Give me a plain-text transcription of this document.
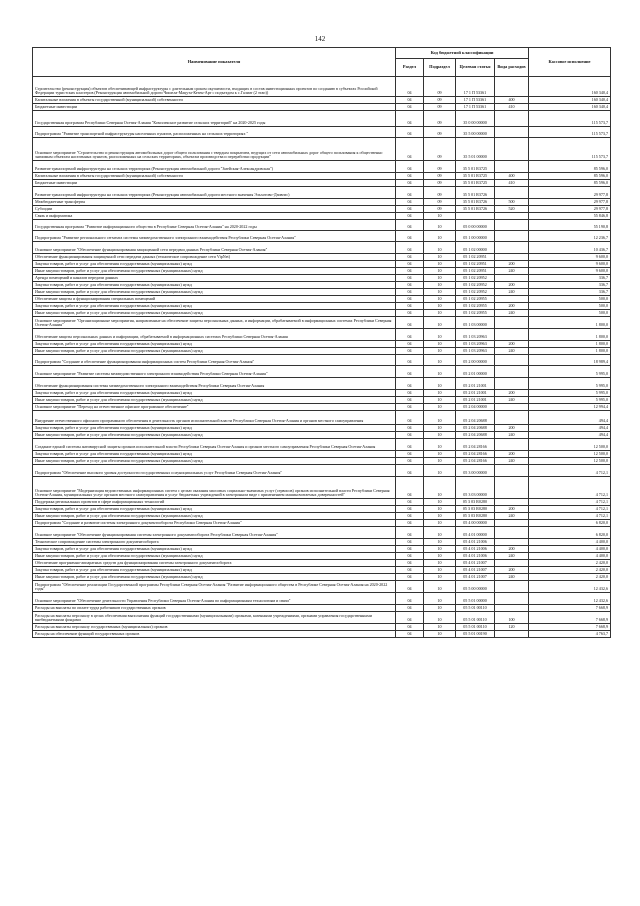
142
Наименование показателя	Код бюджетной классификации				Кассовое исполнение
	Раздел	Подраздел	Целевая статья	Вида расходов	
Строительство (реконструкция) объектов обеспечивающей инфраструктуры с длительным сроком окупаемости, входящих в состав инвестиционных проектов по созданию в субъектах Российской Федерации туристских кластеров (Реконструкция автомобильной дороги Чишела-Мацута-Кезен-Арт с подъездом к с.Галиат (2 этап))	04	09	17 1 П 53361		160 340,4
Капитальные вложения в объекты государственной (муниципальной) собственности	04	09	17 1 П 53361	400	160 340,4
Бюджетные инвестиции	04	09	17 1 П 53361	410	160 340,4
Государственная программа Республики Северная Осетия-Алания "Комплексное развитие сельских территорий" на 2020-2025 годы	04	09	35 0 00 00000		115 573,7
Подпрограмма "Развитие транспортной инфраструктуры населенных пунктов, расположенных на сельских территориях "	04	09	35 5 00 00000		115 573,7
Основное мероприятие "Строительство и реконструкция автомобильных дорог общего пользования с твердым покрытием, ведущих от сети автомобильных дорог общего пользования к общественно значимым объектам населенных пунктов, расположенных на сельских территориях, объектам производства и переработки продукции"	04	09	35 5 01 00000		115 573,7
Развитие транспортной инфраструктуры на сельских территориях (Реконструкция автомобильной дороги "Змейская-Александровская")	04	09	35 5 01 R3725		85 596,0
Капитальные вложения в объекты государственной (муниципальной) собственности	04	09	35 5 01 R3725	400	85 596,0
Бюджетные инвестиции	04	09	35 5 01 R3725	410	85 596,0
Развитие транспортной инфраструктуры на сельских территориях (Реконструкция автомобильной дороги местного значения Эльхотово-Дзивгис)	04	09	35 5 01 R3726		29 977,8
Межбюджетные трансферты	04	09	35 5 01 R3726	500	29 977,8
Субсидии	04	09	35 5 01 R3726	520	29 977,8
Связь и информатика	04	10			55 846,8
Государственная программа "Развитие информационного общества в Республике Северная Осетия-Алания" на 2020-2022 годы	04	10	05 0 00 00000		55 190,8
Подпрограмма "Развитие регионального сегмента системы межведомственного электронного взаимодействия Республики Северная Осетия-Алания"	04	10	05 1 00 00000		12 236,7
Основное мероприятие "Обеспечение функционирования защищенной сети передачи данных Республики Северная Осетия-Алания"	04	10	05 1 02 00000		10 436,7
Обеспечение функционирования защищенной сети передачи данных (техническое сопровождение сети VipNet)	04	10	05 1 02 20951		9 600,0
Закупка товаров, работ и услуг для обеспечения государственных (муниципальных) нужд	04	10	05 1 02 20951	200	9 600,0
Иные закупки товаров, работ и услуг для обеспечения государственных (муниципальных) нужд	04	10	05 1 02 20951	240	9 600,0
Аренда помещений и каналов передачи данных	04	10	05 1 02 20952		336,7
Закупка товаров, работ и услуг для обеспечения государственных (муниципальных) нужд	04	10	05 1 02 20952	200	336,7
Иные закупки товаров, работ и услуг для обеспечения государственных (муниципальных) нужд	04	10	05 1 02 20952	240	336,7
Обеспечение защиты и функционирования специальных помещений	04	10	05 1 02 20955		500,0
Закупка товаров, работ и услуг для обеспечения государственных (муниципальных) нужд	04	10	05 1 02 20955	200	500,0
Иные закупки товаров, работ и услуг для обеспечения государственных (муниципальных) нужд	04	10	05 1 02 20955	240	500,0
Основное мероприятие "Организационные мероприятия, направленные на обеспечение защиты персональных данных, и информации, обрабатываемой в информационных системах Республики Северная Осетия-Алания"	04	10	05 1 03 00000		1 800,0
Обеспечение защиты персональных данных и информации, обрабатываемой в информационных системах Республики Северная Осетия-Алания	04	10	05 1 03 20963		1 800,0
Закупка товаров, работ и услуг для обеспечения государственных (муниципальных) нужд	04	10	05 1 03 20963	200	1 800,0
Иные закупки товаров, работ и услуг для обеспечения государственных (муниципальных) нужд	04	10	05 1 03 20963	240	1 800,0
Подпрограмма "Создание и обеспечение функционирования информационных систем Республики Северная Осетия-Алания"	04	10	05 2 00 00000		18 989,4
Основное мероприятие "Развитие системы межведомственного электронного взаимодействия Республики Северная Осетия-Алания"	04	10	05 2 01 00000		5 995,0
Обеспечение функционирования системы межведомственного электронного взаимодействия Республики Северная Осетия-Алания	04	10	05 2 01 21001		5 995,0
Закупка товаров, работ и услуг для обеспечения государственных (муниципальных) нужд	04	10	05 2 01 21001	200	5 995,0
Иные закупки товаров, работ и услуг для обеспечения государственных (муниципальных) нужд	04	10	05 2 01 21001	240	5 995,0
Основное мероприятие "Переход на отечественное офисное программное обеспечение"	04	10	05 2 04 00000		12 994,4
Внедрение отечественного офисного программного обеспечения в деятельность органов исполнительной власти Республики Северная Осетия-Алания и органов местного самоуправления	04	10	05 2 04 20688		494,4
Закупка товаров, работ и услуг для обеспечения государственных (муниципальных) нужд	04	10	05 2 04 20688	200	494,4
Иные закупки товаров, работ и услуг для обеспечения государственных (муниципальных) нужд	04	10	05 2 04 20688	240	494,4
Создание единой системы антивирусной защиты органов исполнительной власти Республики Северная Осетия-Алания и органов местного самоуправления Республики Северная Осетия-Алания	04	10	05 2 04 28166		12 500,0
Закупка товаров, работ и услуг для обеспечения государственных (муниципальных) нужд	04	10	05 2 04 28166	200	12 500,0
Иные закупки товаров, работ и услуг для обеспечения государственных (муниципальных) нужд	04	10	05 2 04 28166	240	12 500,0
Подпрограмма "Обеспечение высокого уровня доступности государственных и муниципальных услуг Республики Северная Осетия-Алания"	04	10	05 3 00 00000		4 712,1
Основное мероприятие "Модернизация ведомственных информационных систем с целью оказания массовых социально-значимых услуг (сервисов) органов исполнительной власти Республики Северная Осетия-Алания, муниципальных услуг органов местного самоуправления и услуг бюджетных учреждений в электронном виде с применением машиночитаемых доверенностей"	04	10	05 3 03 00000		4 712,1
Поддержка региональных проектов в сфере информационных технологий	04	10	05 3 03 R0280		4 712,1
Закупка товаров, работ и услуг для обеспечения государственных (муниципальных) нужд	04	10	05 3 03 R0280	200	4 712,1
Иные закупки товаров, работ и услуг для обеспечения государственных (муниципальных) нужд	04	10	05 3 03 R0280	240	4 712,1
Подпрограмма "Создание и развитие системы электронного документооборота Республики Северная Осетия-Алания"	04	10	05 4 00 00000		6 820,0
Основное мероприятие "Обеспечение функционирования системы электронного документооборота Республики Северная Осетия-Алания"	04	10	05 4 01 00000		6 820,0
Техническое сопровождение системы электронного документооборота	04	10	05 4 01 21006		4 400,0
Закупка товаров, работ и услуг для обеспечения государственных (муниципальных) нужд	04	10	05 4 01 21006	200	4 400,0
Иные закупки товаров, работ и услуг для обеспечения государственных (муниципальных) нужд	04	10	05 4 01 21006	240	4 400,0
Обеспечение программно-аппаратных средств для функционирования системы электронного документооборота	04	10	05 4 01 21007		2 420,0
Закупка товаров, работ и услуг для обеспечения государственных (муниципальных) нужд	04	10	05 4 01 21007	200	2 420,0
Иные закупки товаров, работ и услуг для обеспечения государственных (муниципальных) нужд	04	10	05 4 01 21007	240	2 420,0
Подпрограмма "Обеспечение реализации Государственной программы Республики Северная Осетия-Алания "Развитие информационного общества в Республике Северная Осетия-Алания на 2020-2022 годы"	04	10	05 5 00 00000		12 432,6
Основное мероприятие "Обеспечение деятельности Управления Республики Северная Осетия-Алания по информационным технологиям и связи"	04	10	05 5 01 00000		12 432,6
Расходы на выплаты по оплате труда работников государственных органов	04	10	05 5 01 00110		7 668,9
Расходы на выплаты персоналу в целях обеспечения выполнения функций государственными (муниципальными) органами, казенными учреждениями, органами управления государственными внебюджетными фондами	04	10	05 5 01 00110	100	7 668,9
Расходы на выплаты персоналу государственных (муниципальных) органов	04	10	05 5 01 00110	120	7 668,9
Расходы на обеспечение функций государственных органов	04	10	05 5 01 00190		4 763,7
